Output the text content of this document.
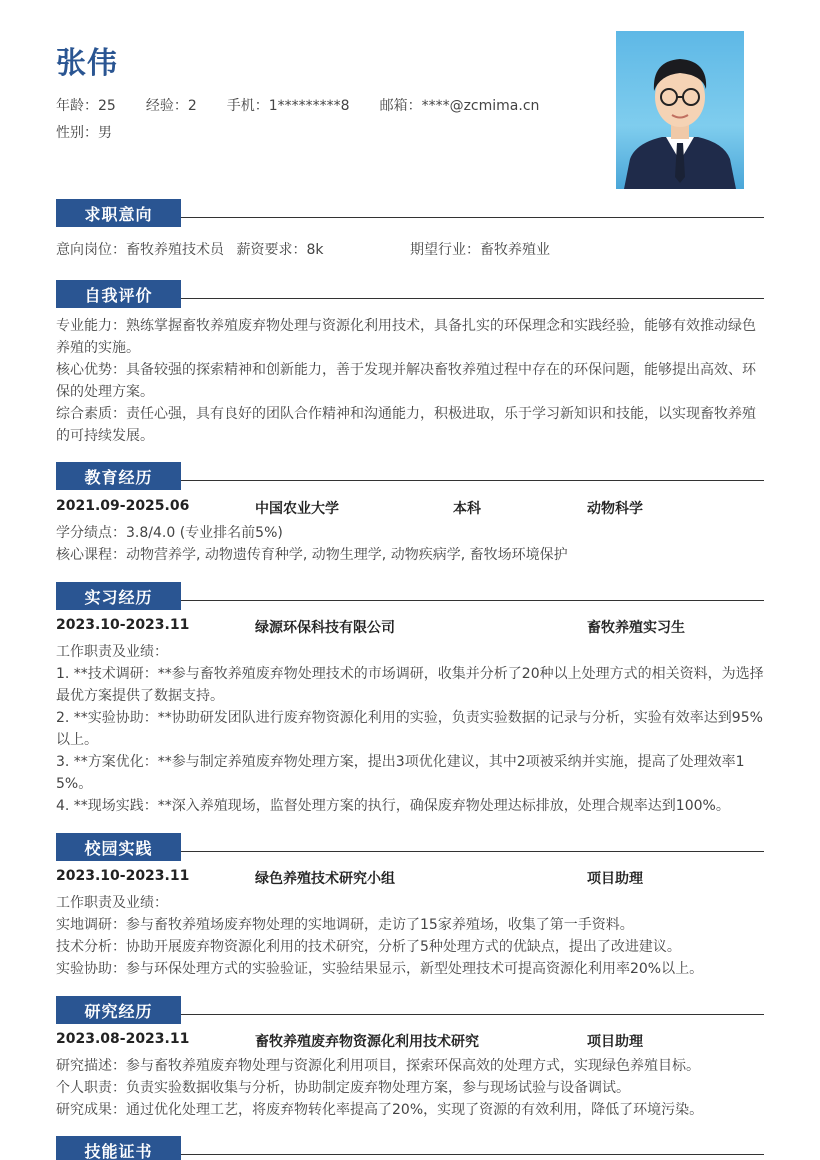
张伟
年龄：25 经验：2 手机：1*********8 邮箱：****@zcmima.cn
性别：男
求职意向
意向岗位：畜牧养殖技术员 薪资要求：8k	期望行业：畜牧养殖业
自我评价
专业能力：熟练掌握畜牧养殖废弃物处理与资源化利用技术，具备扎实的环保理念和实践经验，能够有效推动绿色
养殖的实施。
核心优势：具备较强的探索精神和创新能力，善于发现并解决畜牧养殖过程中存在的环保问题，能够提出高效、环
保的处理方案。
综合素质：责任心强，具有良好的团队合作精神和沟通能力，积极进取，乐于学习新知识和技能，以实现畜牧养殖
的可持续发展。
教育经历
2021.09-2025.06	中国农业大学	本科	动物科学
学分绩点：3.8/4.0 (专业排名前5%)
核心课程：动物营养学, 动物遗传育种学, 动物生理学, 动物疾病学, 畜牧场环境保护
实习经历
2023.10-2023.11	绿源环保科技有限公司	畜牧养殖实习生
工作职责及业绩：
1. **技术调研：**参与畜牧养殖废弃物处理技术的市场调研，收集并分析了20种以上处理方式的相关资料，为选择
最优方案提供了数据支持。
2. **实验协助：**协助研发团队进行废弃物资源化利用的实验，负责实验数据的记录与分析，实验有效率达到95%
以上。
3. **方案优化：**参与制定养殖废弃物处理方案，提出3项优化建议，其中2项被采纳并实施，提高了处理效率1
5%。
4. **现场实践：**深入养殖现场，监督处理方案的执行，确保废弃物处理达标排放，处理合规率达到100%。
校园实践
2023.10-2023.11	绿色养殖技术研究小组	项目助理
工作职责及业绩：
实地调研：参与畜牧养殖场废弃物处理的实地调研，走访了15家养殖场，收集了第一手资料。
技术分析：协助开展废弃物资源化利用的技术研究，分析了5种处理方式的优缺点，提出了改进建议。
实验协助：参与环保处理方式的实验验证，实验结果显示，新型处理技术可提高资源化利用率20%以上。
研究经历
2023.08-2023.11	畜牧养殖废弃物资源化利用技术研究	项目助理
研究描述：参与畜牧养殖废弃物处理与资源化利用项目，探索环保高效的处理方式，实现绿色养殖目标。
个人职责：负责实验数据收集与分析，协助制定废弃物处理方案，参与现场试验与设备调试。
研究成果：通过优化处理工艺，将废弃物转化率提高了20%，实现了资源的有效利用，降低了环境污染。
技能证书
